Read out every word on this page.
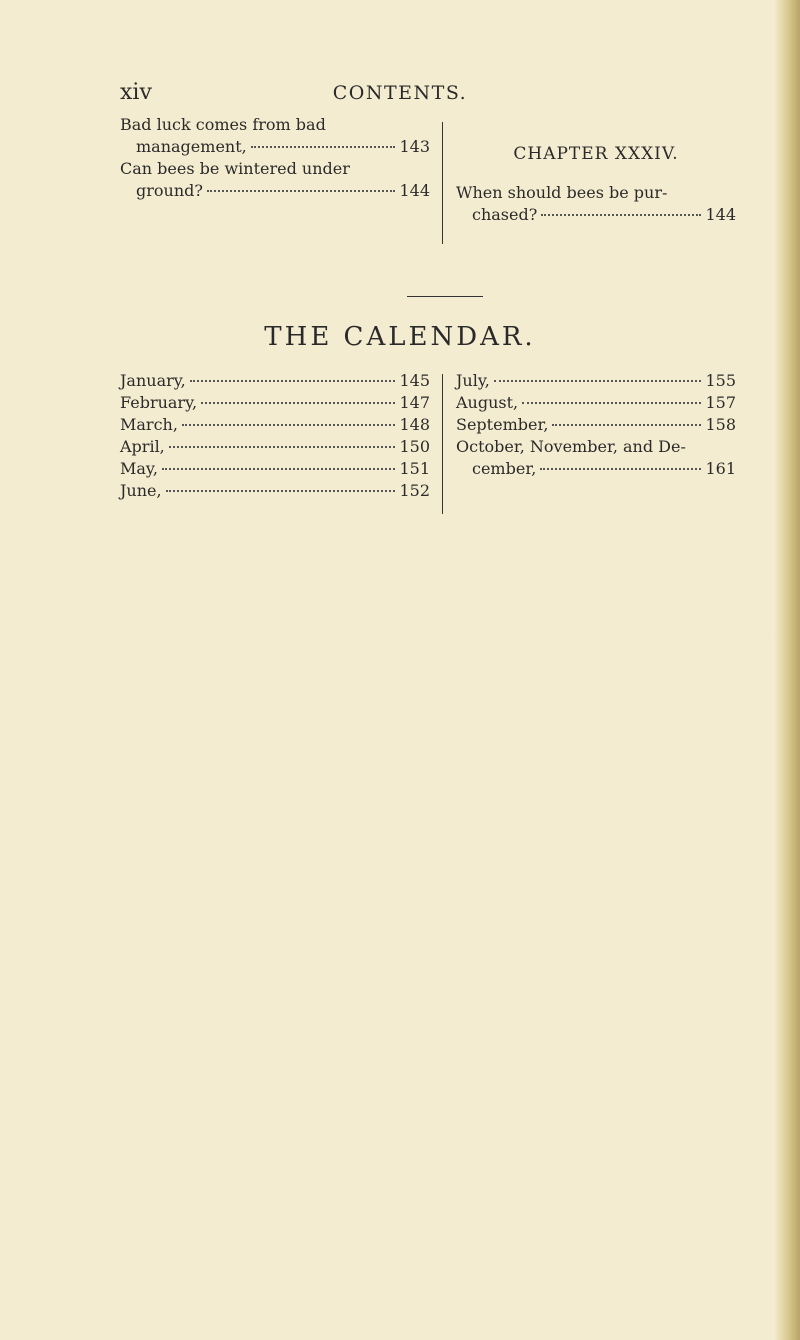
xiv	CONTENTS.
Bad luck comes from bad
management,	143
Can bees be wintered under
ground?	144
CHAPTER XXXIV.
When should bees be pur-
chased?	144
THE CALENDAR.
January,	145
February,	147
March,	148
April,	150
May,	151
June,	152
July,	155
August,	157
September,	158
October, November, and De-
cember,	161
